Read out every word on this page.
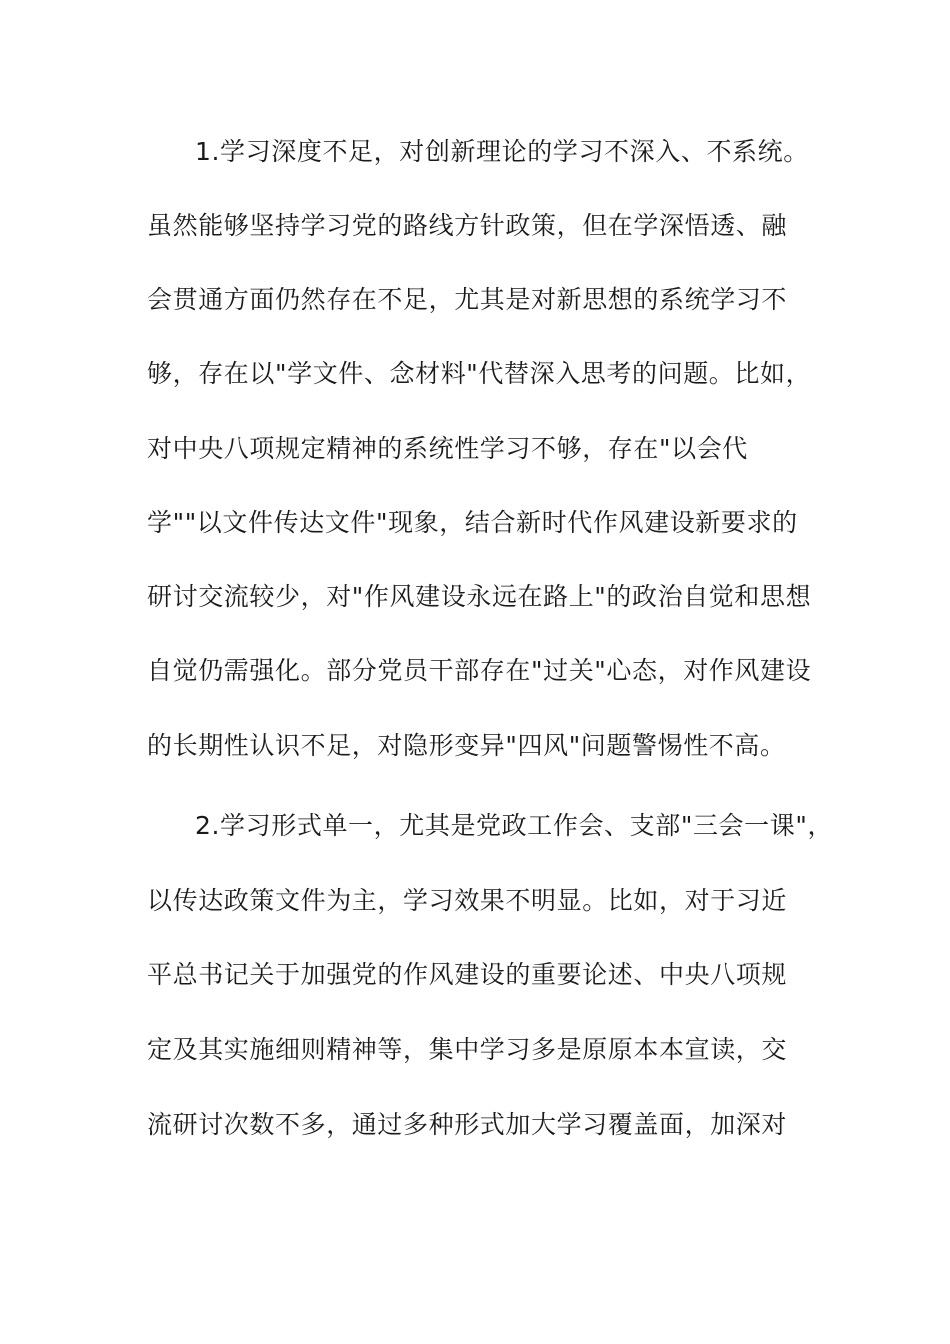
1.学习深度不足，对创新理论的学习不深入、不系统。
虽然能够坚持学习党的路线方针政策，但在学深悟透、融
会贯通方面仍然存在不足，尤其是对新思想的系统学习不
够，存在以"学文件、念材料"代替深入思考的问题。比如，
对中央八项规定精神的系统性学习不够，存在"以会代
学""以文件传达文件"现象，结合新时代作风建设新要求的
研讨交流较少，对"作风建设永远在路上"的政治自觉和思想
自觉仍需强化。部分党员干部存在"过关"心态，对作风建设
的长期性认识不足，对隐形变异"四风"问题警惕性不高。
2.学习形式单一，尤其是党政工作会、支部"三会一课"，
以传达政策文件为主，学习效果不明显。比如，对于习近
平总书记关于加强党的作风建设的重要论述、中央八项规
定及其实施细则精神等，集中学习多是原原本本宣读，交
流研讨次数不多，通过多种形式加大学习覆盖面，加深对
